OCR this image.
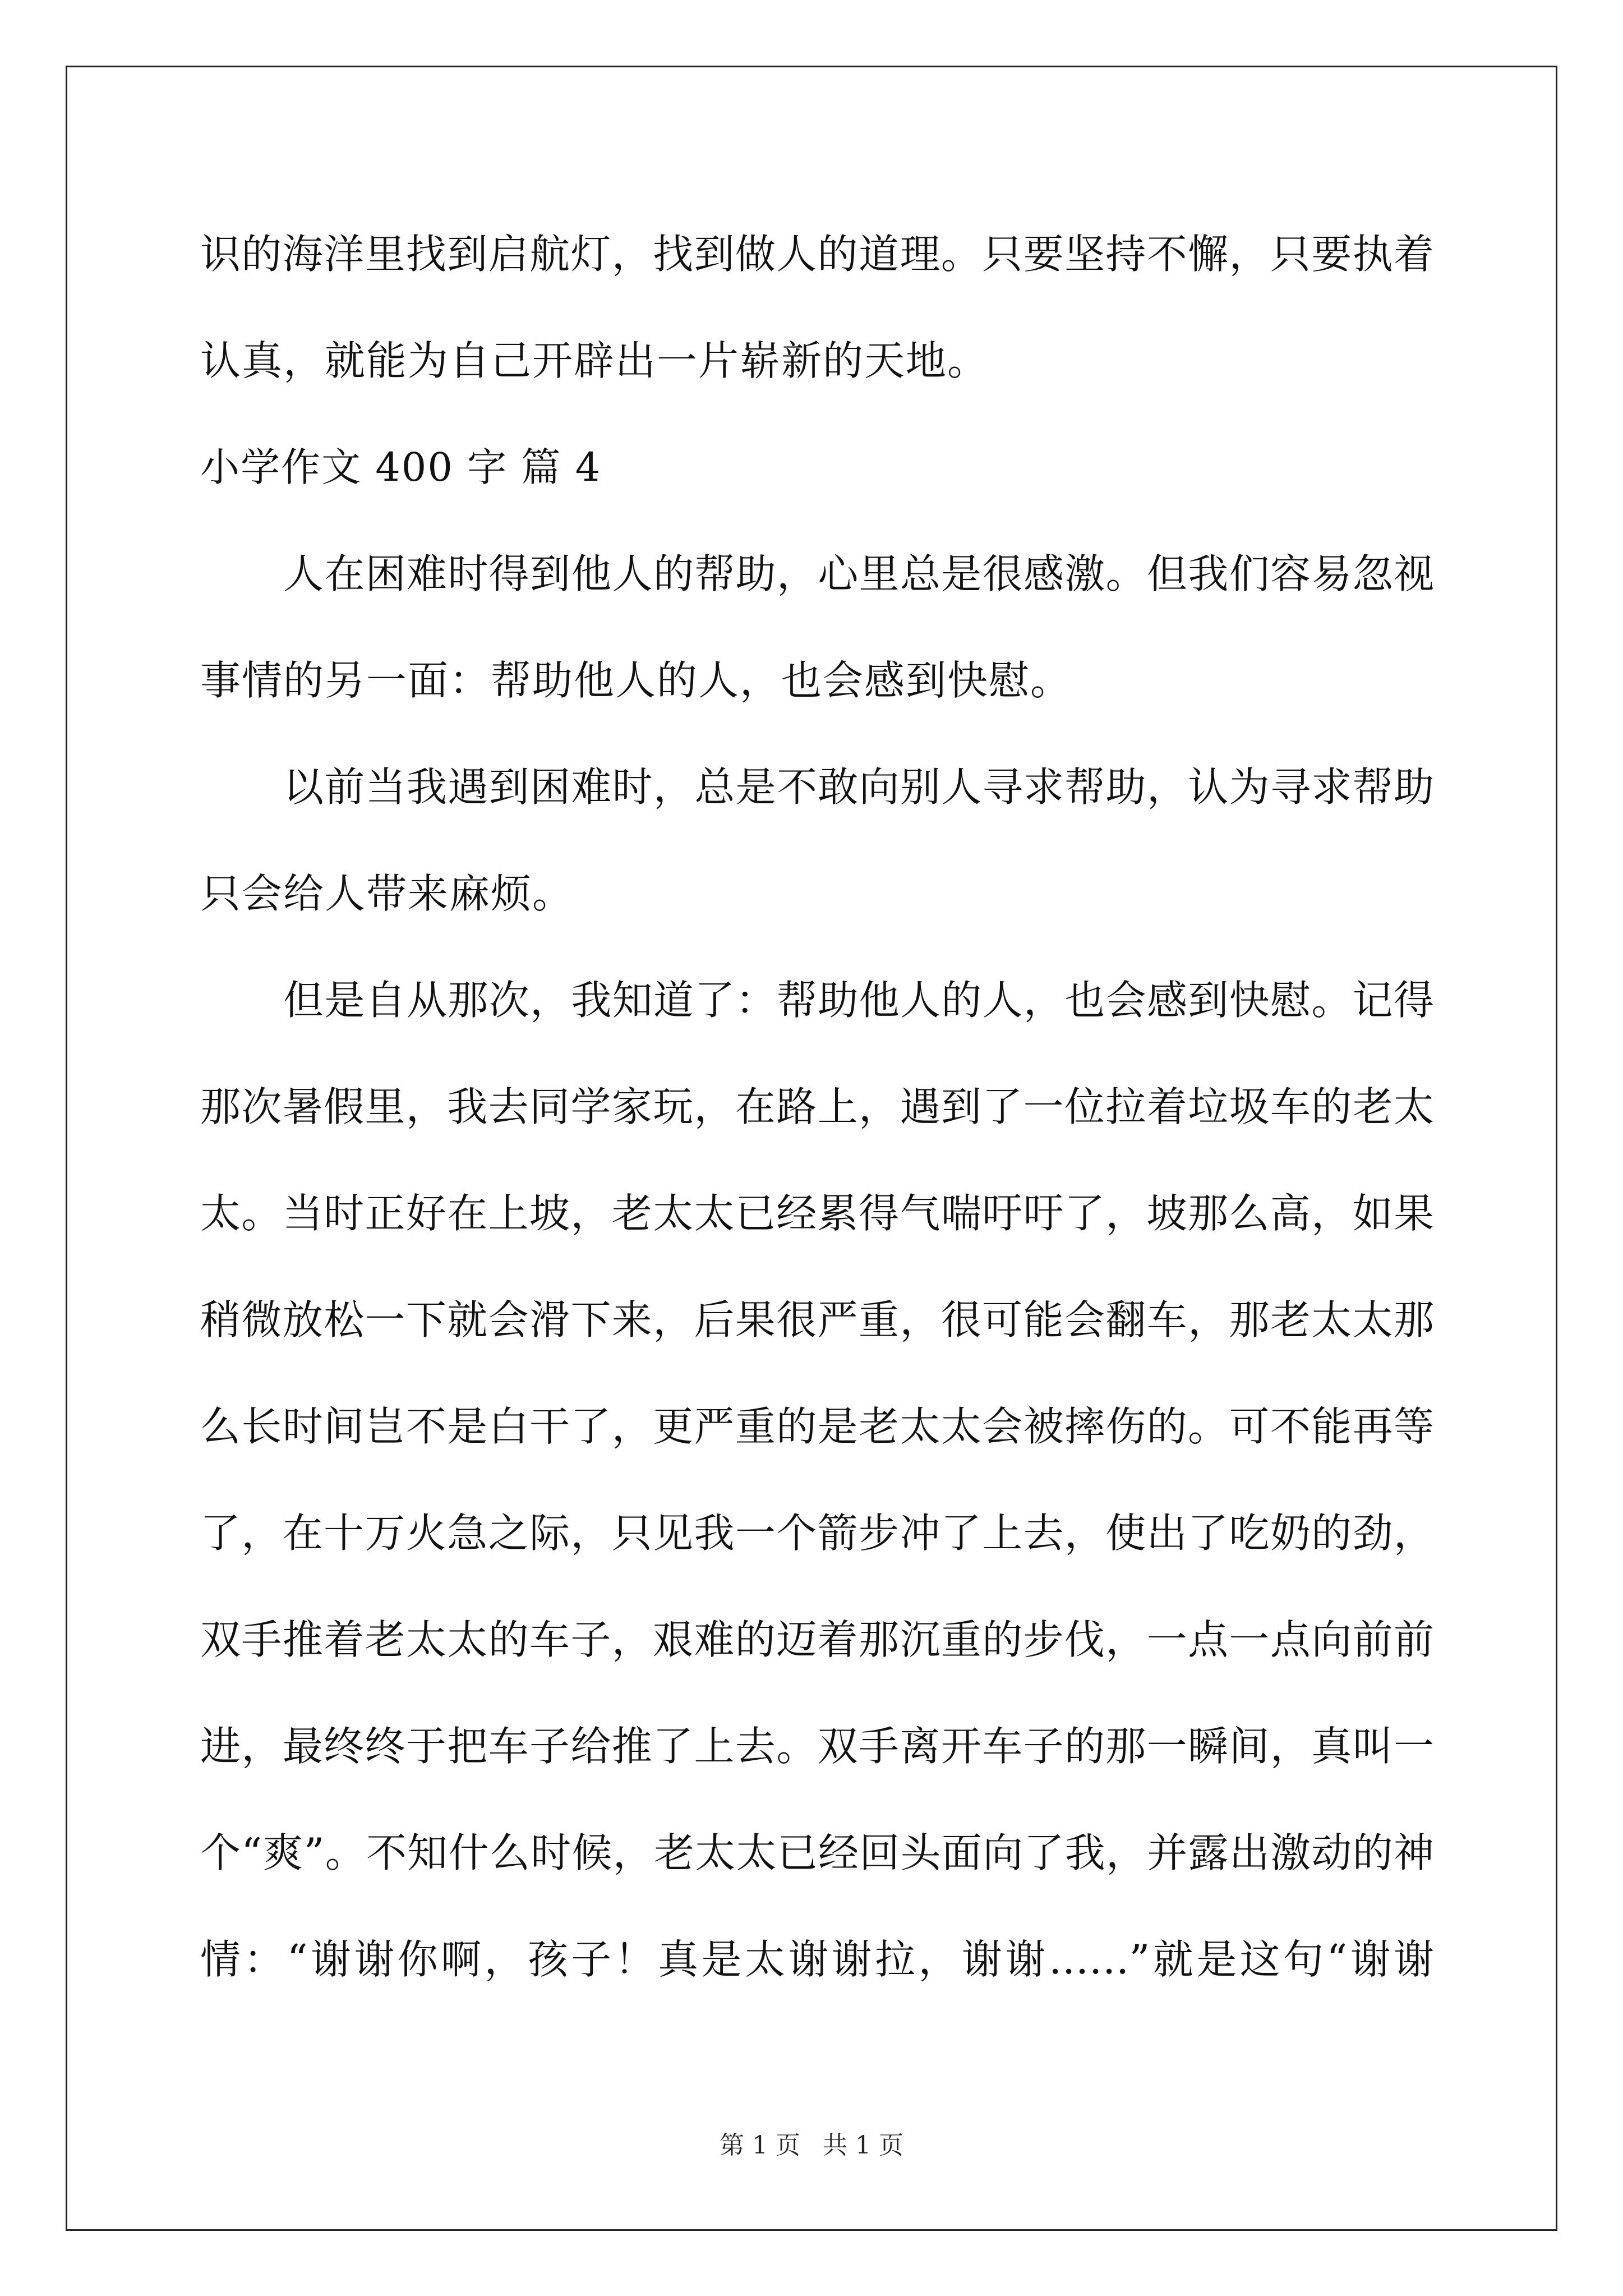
识的海洋里找到启航灯，找到做人的道理。只要坚持不懈，只要执着
认真，就能为自己开辟出一片崭新的天地。
小学作文 400 字 篇 4
人在困难时得到他人的帮助，心里总是很感激。但我们容易忽视
事情的另一面：帮助他人的人，也会感到快慰。
以前当我遇到困难时，总是不敢向别人寻求帮助，认为寻求帮助
只会给人带来麻烦。
但是自从那次，我知道了：帮助他人的人，也会感到快慰。记得
那次暑假里，我去同学家玩，在路上，遇到了一位拉着垃圾车的老太
太。当时正好在上坡，老太太已经累得气喘吁吁了，坡那么高，如果
稍微放松一下就会滑下来，后果很严重，很可能会翻车，那老太太那
么长时间岂不是白干了，更严重的是老太太会被摔伤的。可不能再等
了，在十万火急之际，只见我一个箭步冲了上去，使出了吃奶的劲，
双手推着老太太的车子，艰难的迈着那沉重的步伐，一点一点向前前
进，最终终于把车子给推了上去。双手离开车子的那一瞬间，真叫一
个“爽”。不知什么时候，老太太已经回头面向了我，并露出激动的神
情：“谢谢你啊，孩子！真是太谢谢拉，谢谢……”就是这句“谢谢
第 1 页 共 1 页
